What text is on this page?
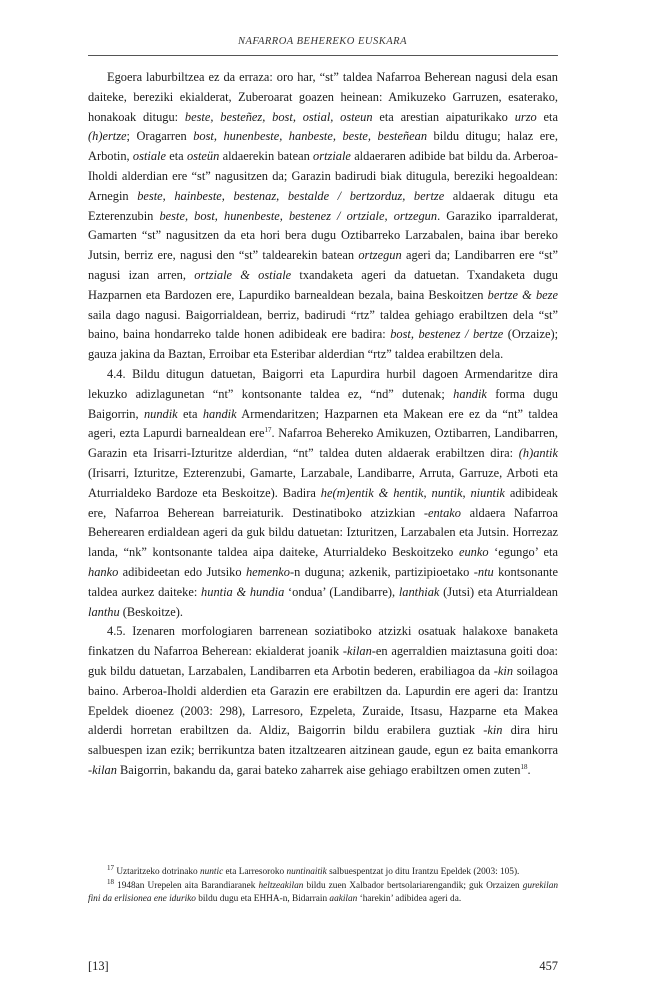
NAFARROA BEHEREKO EUSKARA

Egoera laburbiltzea ez da erraza: oro har, “st” taldea Nafarroa Beherean nagusi dela esan daiteke, bereziki ekialderat, Zuberoarat goazen heinean: Amikuzeko Garruzen, esaterako, honakoak ditugu: beste, besteñez, bost, ostial, osteun eta arestian aipaturikako urzo eta (h)ertze; Oragarren bost, hunenbeste, hanbeste, beste, besteñean bildu ditugu; halaz ere, Arbotin, ostiale eta osteün aldaerekin batean ortziale aldaeraren adibide bat bildu da. Arberoa-Iholdi alderdian ere “st” nagusitzen da; Garazin badirudi biak ditugula, bereziki hegoaldean: Arnegin beste, hainbeste, bestenaz, bestalde / bertzorduz, bertze aldaerak ditugu eta Ezterenzubin beste, bost, hunenbeste, bestenez / ortziale, ortzegun. Garaziko iparralderat, Gamarten “st” nagusitzen da eta hori bera dugu Oztibarreko Larzabalen, baina ibar bereko Jutsin, berriz ere, nagusi den “st” taldearekin batean ortzegun ageri da; Landibarren ere “st” nagusi izan arren, ortziale & ostiale txandaketa ageri da datuetan. Txandaketa dugu Hazparnen eta Bardozen ere, Lapurdiko barnealdean bezala, baina Beskoitzen bertze & beze saila dago nagusi. Baigorrialdean, berriz, badirudi “rtz” taldea gehiago erabiltzen dela “st” baino, baina hondarreko talde honen adibideak ere badira: bost, bestenez / bertze (Orzaize); gauza jakina da Baztan, Erroibar eta Esteribar alderdian “rtz” taldea erabiltzen dela.

4.4. Bildu ditugun datuetan, Baigorri eta Lapurdira hurbil dagoen Armendaritze dira lekuzko adizlagunetan “nt” kontsonante taldea ez, “nd” dutenak; handik forma dugu Baigorrin, nundik eta handik Armendaritzen; Hazparnen eta Makean ere ez da “nt” taldea ageri, ezta Lapurdi barnealdean ere$^{17}$. Nafarroa Behereko Amikuzen, Oztibarren, Landibarren, Garazin eta Irisarri-Izturitze alderdian, “nt” taldea duten aldaerak erabiltzen dira: (h)antik (Irisarri, Izturitze, Ezterenzubi, Gamarte, Larzabale, Landibarre, Arruta, Garruze, Arboti eta Aturrialdeko Bardoze eta Beskoitze). Badira he(m)entik & hentik, nuntik, niuntik adibideak ere, Nafarroa Beherean barreiaturik. Destinatiboko atzizkian -entako aldaera Nafarroa Beherearen erdialdean ageri da guk bildu datuetan: Izturitzen, Larzabalen eta Jutsin. Horrezaz landa, “nk” kontsonante taldea aipa daiteke, Aturrialdeko Beskoitzeko eunko ‘egungo’ eta hanko adibideetan edo Jutsiko hemenko-n duguna; azkenik, partizipioetako -ntu kontsonante taldea aurkez daiteke: huntia & hundia ‘ondua’ (Landibarre), lanthiak (Jutsi) eta Aturrialdean lanthu (Beskoitze).

4.5. Izenaren morfologiaren barrenean soziatiboko atzizki osatuak halakoxe banaketa finkatzen du Nafarroa Beherean: ekialderat joanik -kilan-en agerraldien maiztasuna goiti doa: guk bildu datuetan, Larzabalen, Landibarren eta Arbotin bederen, erabiliagoa da -kin soilagoa baino. Arberoa-Iholdi alderdien eta Garazin ere erabiltzen da. Lapurdin ere ageri da: Irantzu Epeldek dioenez (2003: 298), Larresoro, Ezpeleta, Zuraide, Itsasu, Hazparne eta Makea alderdi horretan erabiltzen da. Aldiz, Baigorrin bildu erabilera guztiak -kin dira hiru salbuespen izan ezik; berrikuntza baten itzaltzearen aitzinean gaude, egun ez baita emankorra -kilan Baigorrin, bakandu da, garai bateko zaharrek aise gehiago erabiltzen omen zuten$^{18}$.

$^{17}$ Uztaritzeko dotrinako nuntic eta Larresoroko nuntinaitik salbuespentzat jo ditu Irantzu Epeldek (2003: 105).

$^{18}$ 1948an Urepelen aita Barandiaranek heltzeakilan bildu zuen Xalbador bertsolariarengandik; guk Orzaizen gurekilan fini da erlisionea ene iduriko bildu dugu eta EHHA-n, Bidarrain aakilan ‘harekin’ adibidea ageri da.

[13]	457
